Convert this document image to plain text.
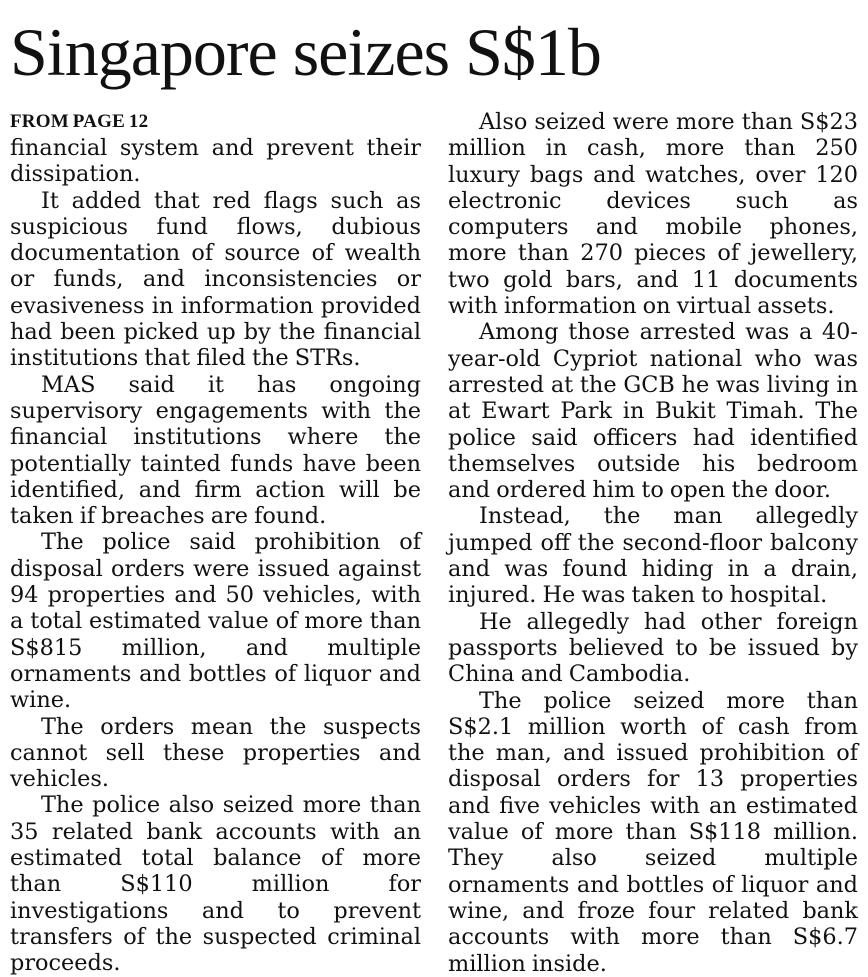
Singapore seizes S$1b
FROM PAGE 12

financial system and prevent their dissipation.

It added that red flags such as suspicious fund flows, dubious documentation of source of wealth or funds, and inconsistencies or evasiveness in information provided had been picked up by the financial institutions that filed the STRs.

MAS said it has ongoing supervisory engagements with the financial institutions where the potentially tainted funds have been identified, and firm action will be taken if breaches are found.

The police said prohibition of disposal orders were issued against 94 properties and 50 vehicles, with a total estimated value of more than S$815 million, and multiple ornaments and bottles of liquor and wine.

The orders mean the suspects cannot sell these properties and vehicles.

The police also seized more than 35 related bank accounts with an estimated total balance of more than S$110 million for investigations and to prevent transfers of the suspected criminal proceeds.

Also seized were more than S$23 million in cash, more than 250 luxury bags and watches, over 120 electronic devices such as computers and mobile phones, more than 270 pieces of jewellery, two gold bars, and 11 documents with information on virtual assets.

Among those arrested was a 40-year-old Cypriot national who was arrested at the GCB he was living in at Ewart Park in Bukit Timah. The police said officers had identified themselves outside his bedroom and ordered him to open the door.

Instead, the man allegedly jumped off the second-floor balcony and was found hiding in a drain, injured. He was taken to hospital.

He allegedly had other foreign passports believed to be issued by China and Cambodia.

The police seized more than S$2.1 million worth of cash from the man, and issued prohibition of disposal orders for 13 properties and five vehicles with an estimated value of more than S$118 million. They also seized multiple ornaments and bottles of liquor and wine, and froze four related bank accounts with more than S$6.7 million inside.
